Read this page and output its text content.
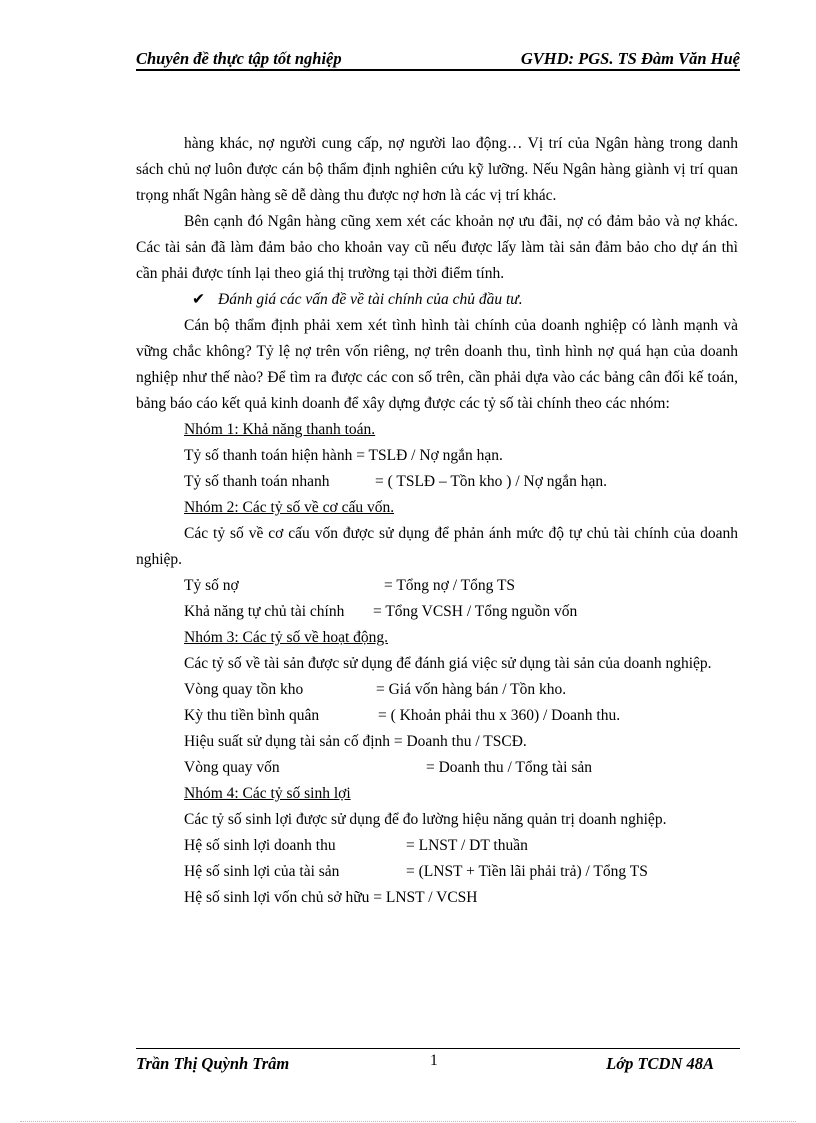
Chuyên đề thực tập tốt nghiệp	GVHD: PGS. TS Đàm Văn Huệ

hàng khác, nợ người cung cấp, nợ người lao động… Vị trí của Ngân hàng trong danh sách chủ nợ luôn được cán bộ thẩm định nghiên cứu kỹ lưỡng. Nếu Ngân hàng giành vị trí quan trọng nhất Ngân hàng sẽ dễ dàng thu được nợ hơn là các vị trí khác.

Bên cạnh đó Ngân hàng cũng xem xét các khoản nợ ưu đãi, nợ có đảm bảo và nợ khác. Các tài sản đã làm đảm bảo cho khoản vay cũ nếu được lấy làm tài sản đảm bảo cho dự án thì cần phải được tính lại theo giá thị trường tại thời điểm tính.

✔ Đánh giá các vấn đề về tài chính của chủ đầu tư.

Cán bộ thẩm định phải xem xét tình hình tài chính của doanh nghiệp có lành mạnh và vững chắc không? Tỷ lệ nợ trên vốn riêng, nợ trên doanh thu, tình hình nợ quá hạn của doanh nghiệp như thế nào? Để tìm ra được các con số trên, cần phải dựa vào các bảng cân đối kế toán, bảng báo cáo kết quả kinh doanh để xây dựng được các tỷ số tài chính theo các nhóm:

Nhóm 1: Khả năng thanh toán.
Tỷ số thanh toán hiện hành = TSLĐ / Nợ ngắn hạn.
Tỷ số thanh toán nhanh	= ( TSLĐ – Tồn kho ) / Nợ ngắn hạn.
Nhóm 2: Các tỷ số về cơ cấu vốn.

Các tỷ số về cơ cấu vốn được sử dụng để phản ánh mức độ tự chủ tài chính của doanh nghiệp.

Tỷ số nợ	= Tổng nợ / Tổng TS
Khả năng tự chủ tài chính = Tổng VCSH / Tổng nguồn vốn
Nhóm 3: Các tỷ số về hoạt động.

Các tỷ số về tài sản được sử dụng để đánh giá việc sử dụng tài sản của doanh nghiệp.

Vòng quay tồn kho	= Giá vốn hàng bán / Tồn kho.
Kỳ thu tiền bình quân	= ( Khoản phải thu x 360) / Doanh thu.
Hiệu suất sử dụng tài sản cố định = Doanh thu / TSCĐ.
Vòng quay vốn	= Doanh thu / Tổng tài sản
Nhóm 4: Các tỷ số sinh lợi

Các tỷ số sinh lợi được sử dụng để đo lường hiệu năng quản trị doanh nghiệp.

Hệ số sinh lợi doanh thu	= LNST / DT thuần
Hệ số sinh lợi của tài sản	= (LNST + Tiền lãi phải trả) / Tổng TS
Hệ số sinh lợi vốn chủ sở hữu = LNST / VCSH
Trần Thị Quỳnh Trâm	1	Lớp TCDN 48A
